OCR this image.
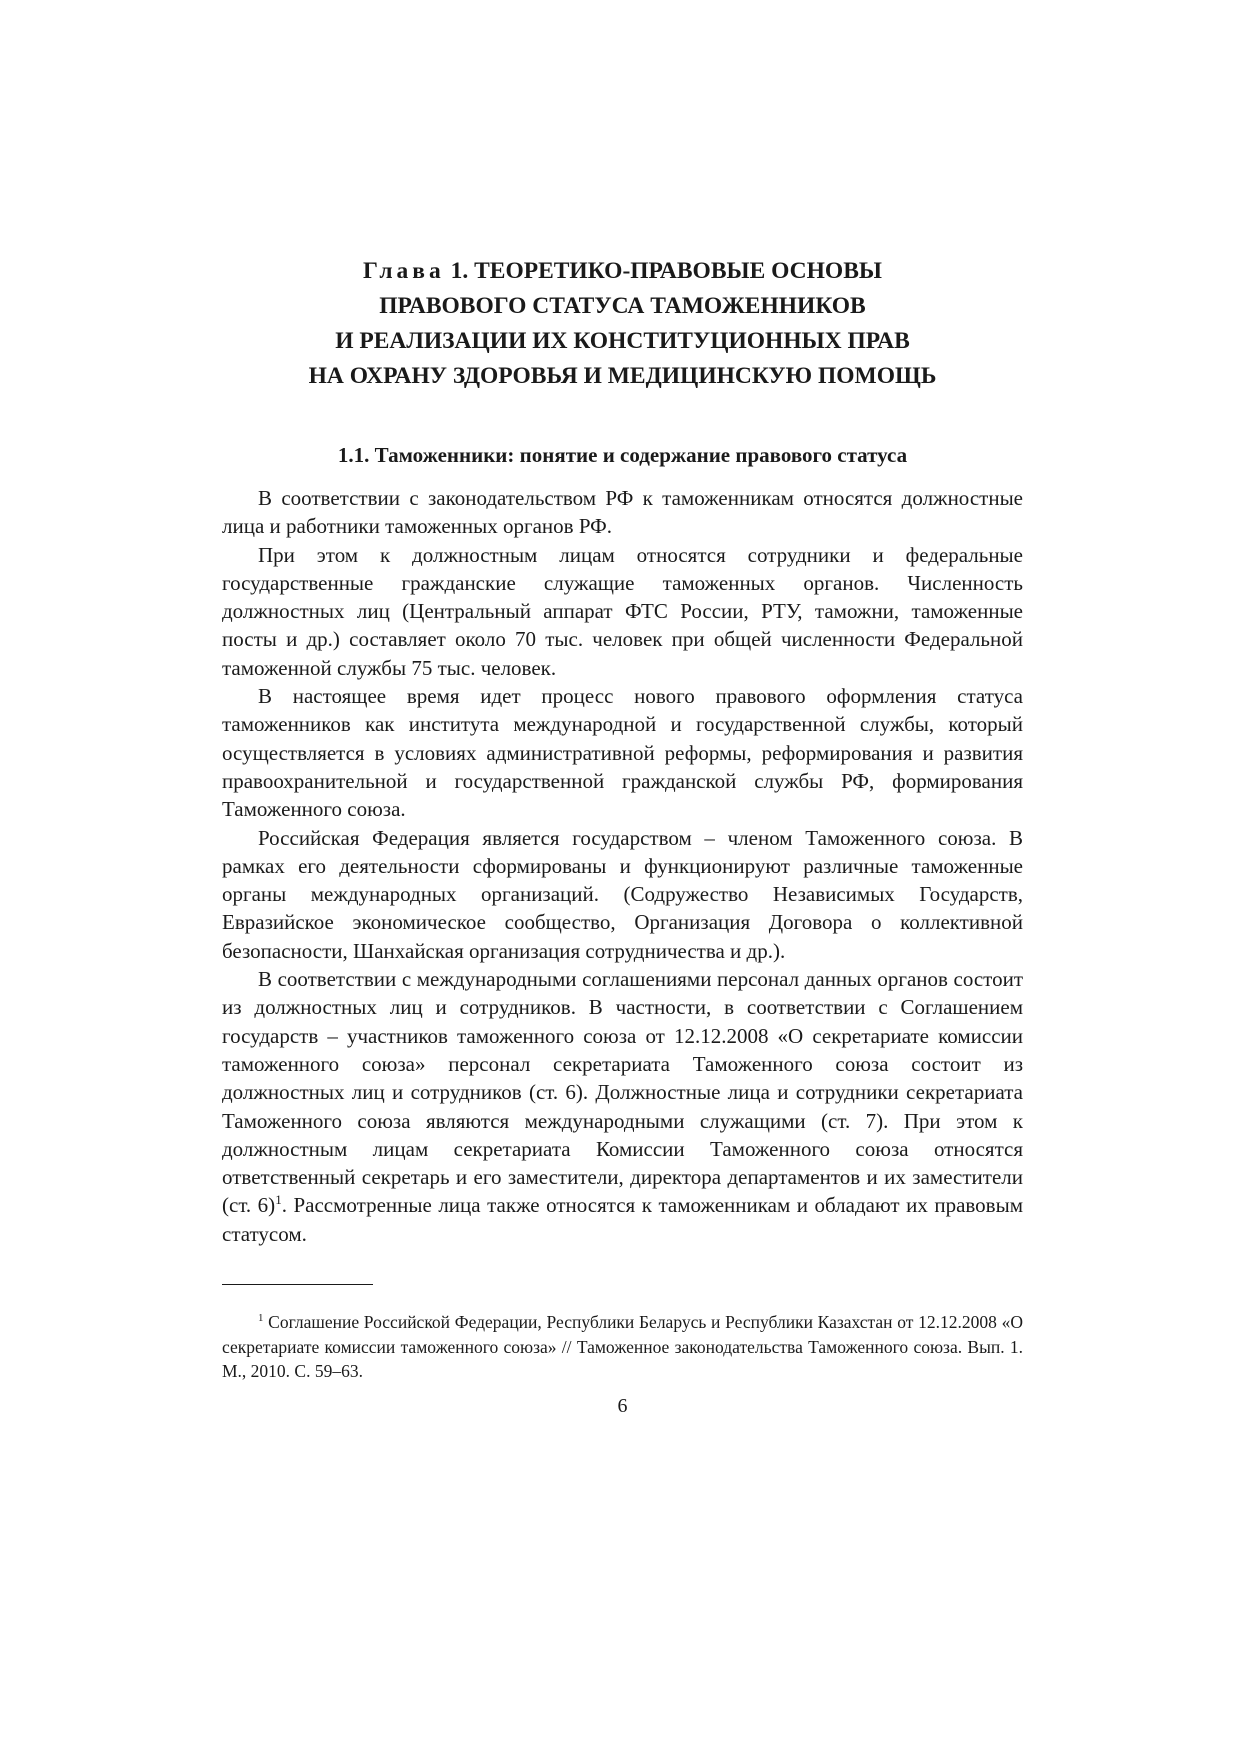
Глава 1. ТЕОРЕТИКО-ПРАВОВЫЕ ОСНОВЫ
ПРАВОВОГО СТАТУСА ТАМОЖЕННИКОВ
И РЕАЛИЗАЦИИ ИХ КОНСТИТУЦИОННЫХ ПРАВ
НА ОХРАНУ ЗДОРОВЬЯ И МЕДИЦИНСКУЮ ПОМОЩЬ
1.1. Таможенники: понятие и содержание правового статуса

В соответствии с законодательством РФ к таможенникам относятся должностные лица и работники таможенных органов РФ.

При этом к должностным лицам относятся сотрудники и федеральные государственные гражданские служащие таможенных органов. Численность должностных лиц (Центральный аппарат ФТС России, РТУ, таможни, таможенные посты и др.) составляет около 70 тыс. человек при общей численности Федеральной таможенной службы 75 тыс. человек.

В настоящее время идет процесс нового правового оформления статуса таможенников как института международной и государственной службы, который осуществляется в условиях административной реформы, реформирования и развития правоохранительной и государственной гражданской службы РФ, формирования Таможенного союза.

Российская Федерация является государством – членом Таможенного союза. В рамках его деятельности сформированы и функционируют различные таможенные органы международных организаций. (Содружество Независимых Государств, Евразийское экономическое сообщество, Организация Договора о коллективной безопасности, Шанхайская организация сотрудничества и др.).

В соответствии с международными соглашениями персонал данных органов состоит из должностных лиц и сотрудников. В частности, в соответствии с Соглашением государств – участников таможенного союза от 12.12.2008 «О секретариате комиссии таможенного союза» персонал секретариата Таможенного союза состоит из должностных лиц и сотрудников (ст. 6). Должностные лица и сотрудники секретариата Таможенного союза являются международными служащими (ст. 7). При этом к должностным лицам секретариата Комиссии Таможенного союза относятся ответственный секретарь и его заместители, директора департаментов и их заместители (ст. 6)$^1$. Рассмотренные лица также относятся к таможенникам и обладают их правовым статусом.

$^1$ Соглашение Российской Федерации, Республики Беларусь и Республики Казахстан от 12.12.2008 «О секретариате комиссии таможенного союза» // Таможенное законодательства Таможенного союза. Вып. 1. М., 2010. С. 59–63.

6
